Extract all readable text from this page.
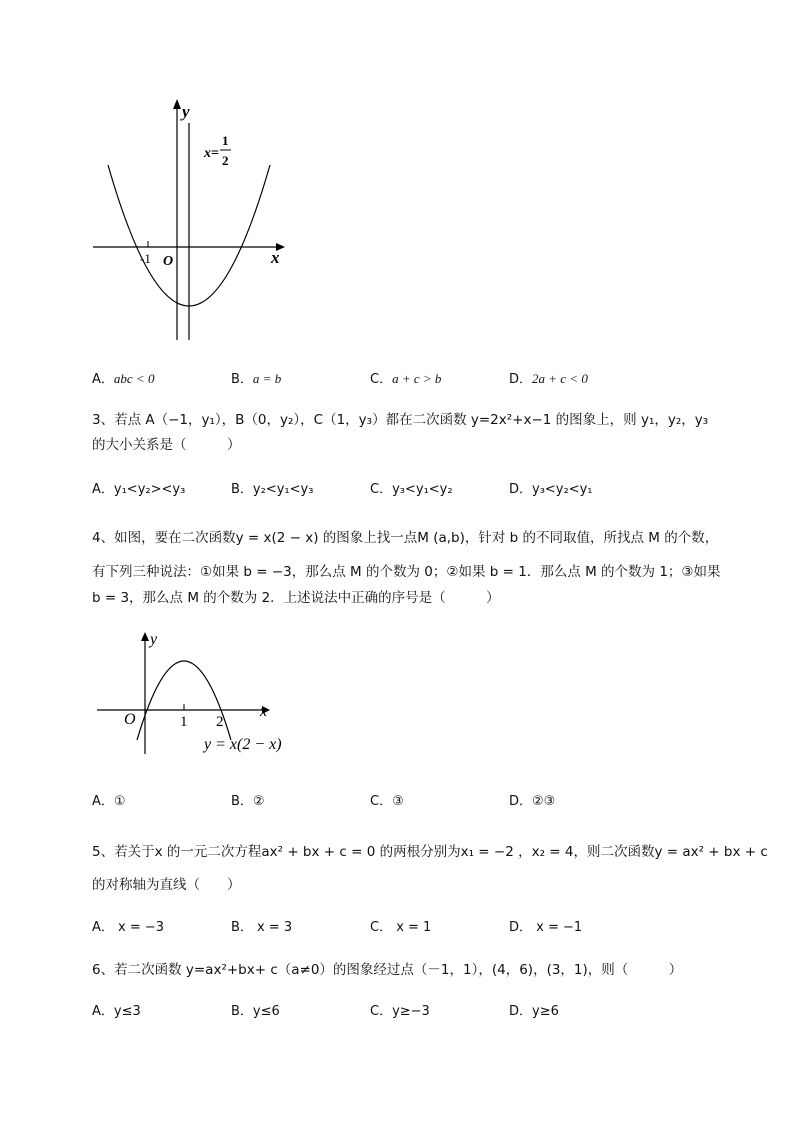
y
x
O
-1
x=
1
2
A．abc < 0	B．a = b	C．a + c > b	D．2a + c < 0
3、若点 A（−1，y₁），B（0，y₂），C（1，y₃）都在二次函数 y=2x²+x−1 的图象上，则 y₁，y₂，y₃
的大小关系是（　　　）
A．y₁<y₂><y₃	B．y₂<y₁<y₃	C．y₃<y₁<y₂	D．y₃<y₂<y₁
4、如图，要在二次函数y = x(2 − x) 的图象上找一点M (a,b)，针对 b 的不同取值，所找点 M 的个数，
有下列三种说法：①如果 b = −3，那么点 M 的个数为 0；②如果 b = 1．那么点 M 的个数为 1；③如果
b = 3，那么点 M 的个数为 2．上述说法中正确的序号是（　　　）
y
x
O	1 2
y = x(2 − x)
A．①	B．②	C．③	D．②③
5、若关于x 的一元二次方程ax² + bx + c = 0 的两根分别为x₁ = −2 ，x₂ = 4，则二次函数y = ax² + bx + c
的对称轴为直线（　　）
A． x = −3	B． x = 3	C． x = 1	D． x = −1
6、若二次函数 y=ax²+bx+ c（a≠0）的图象经过点（－1，1），(4，6)，(3，1)，则（　　　）
A．y≤3	B．y≤6	C．y≥−3	D．y≥6
